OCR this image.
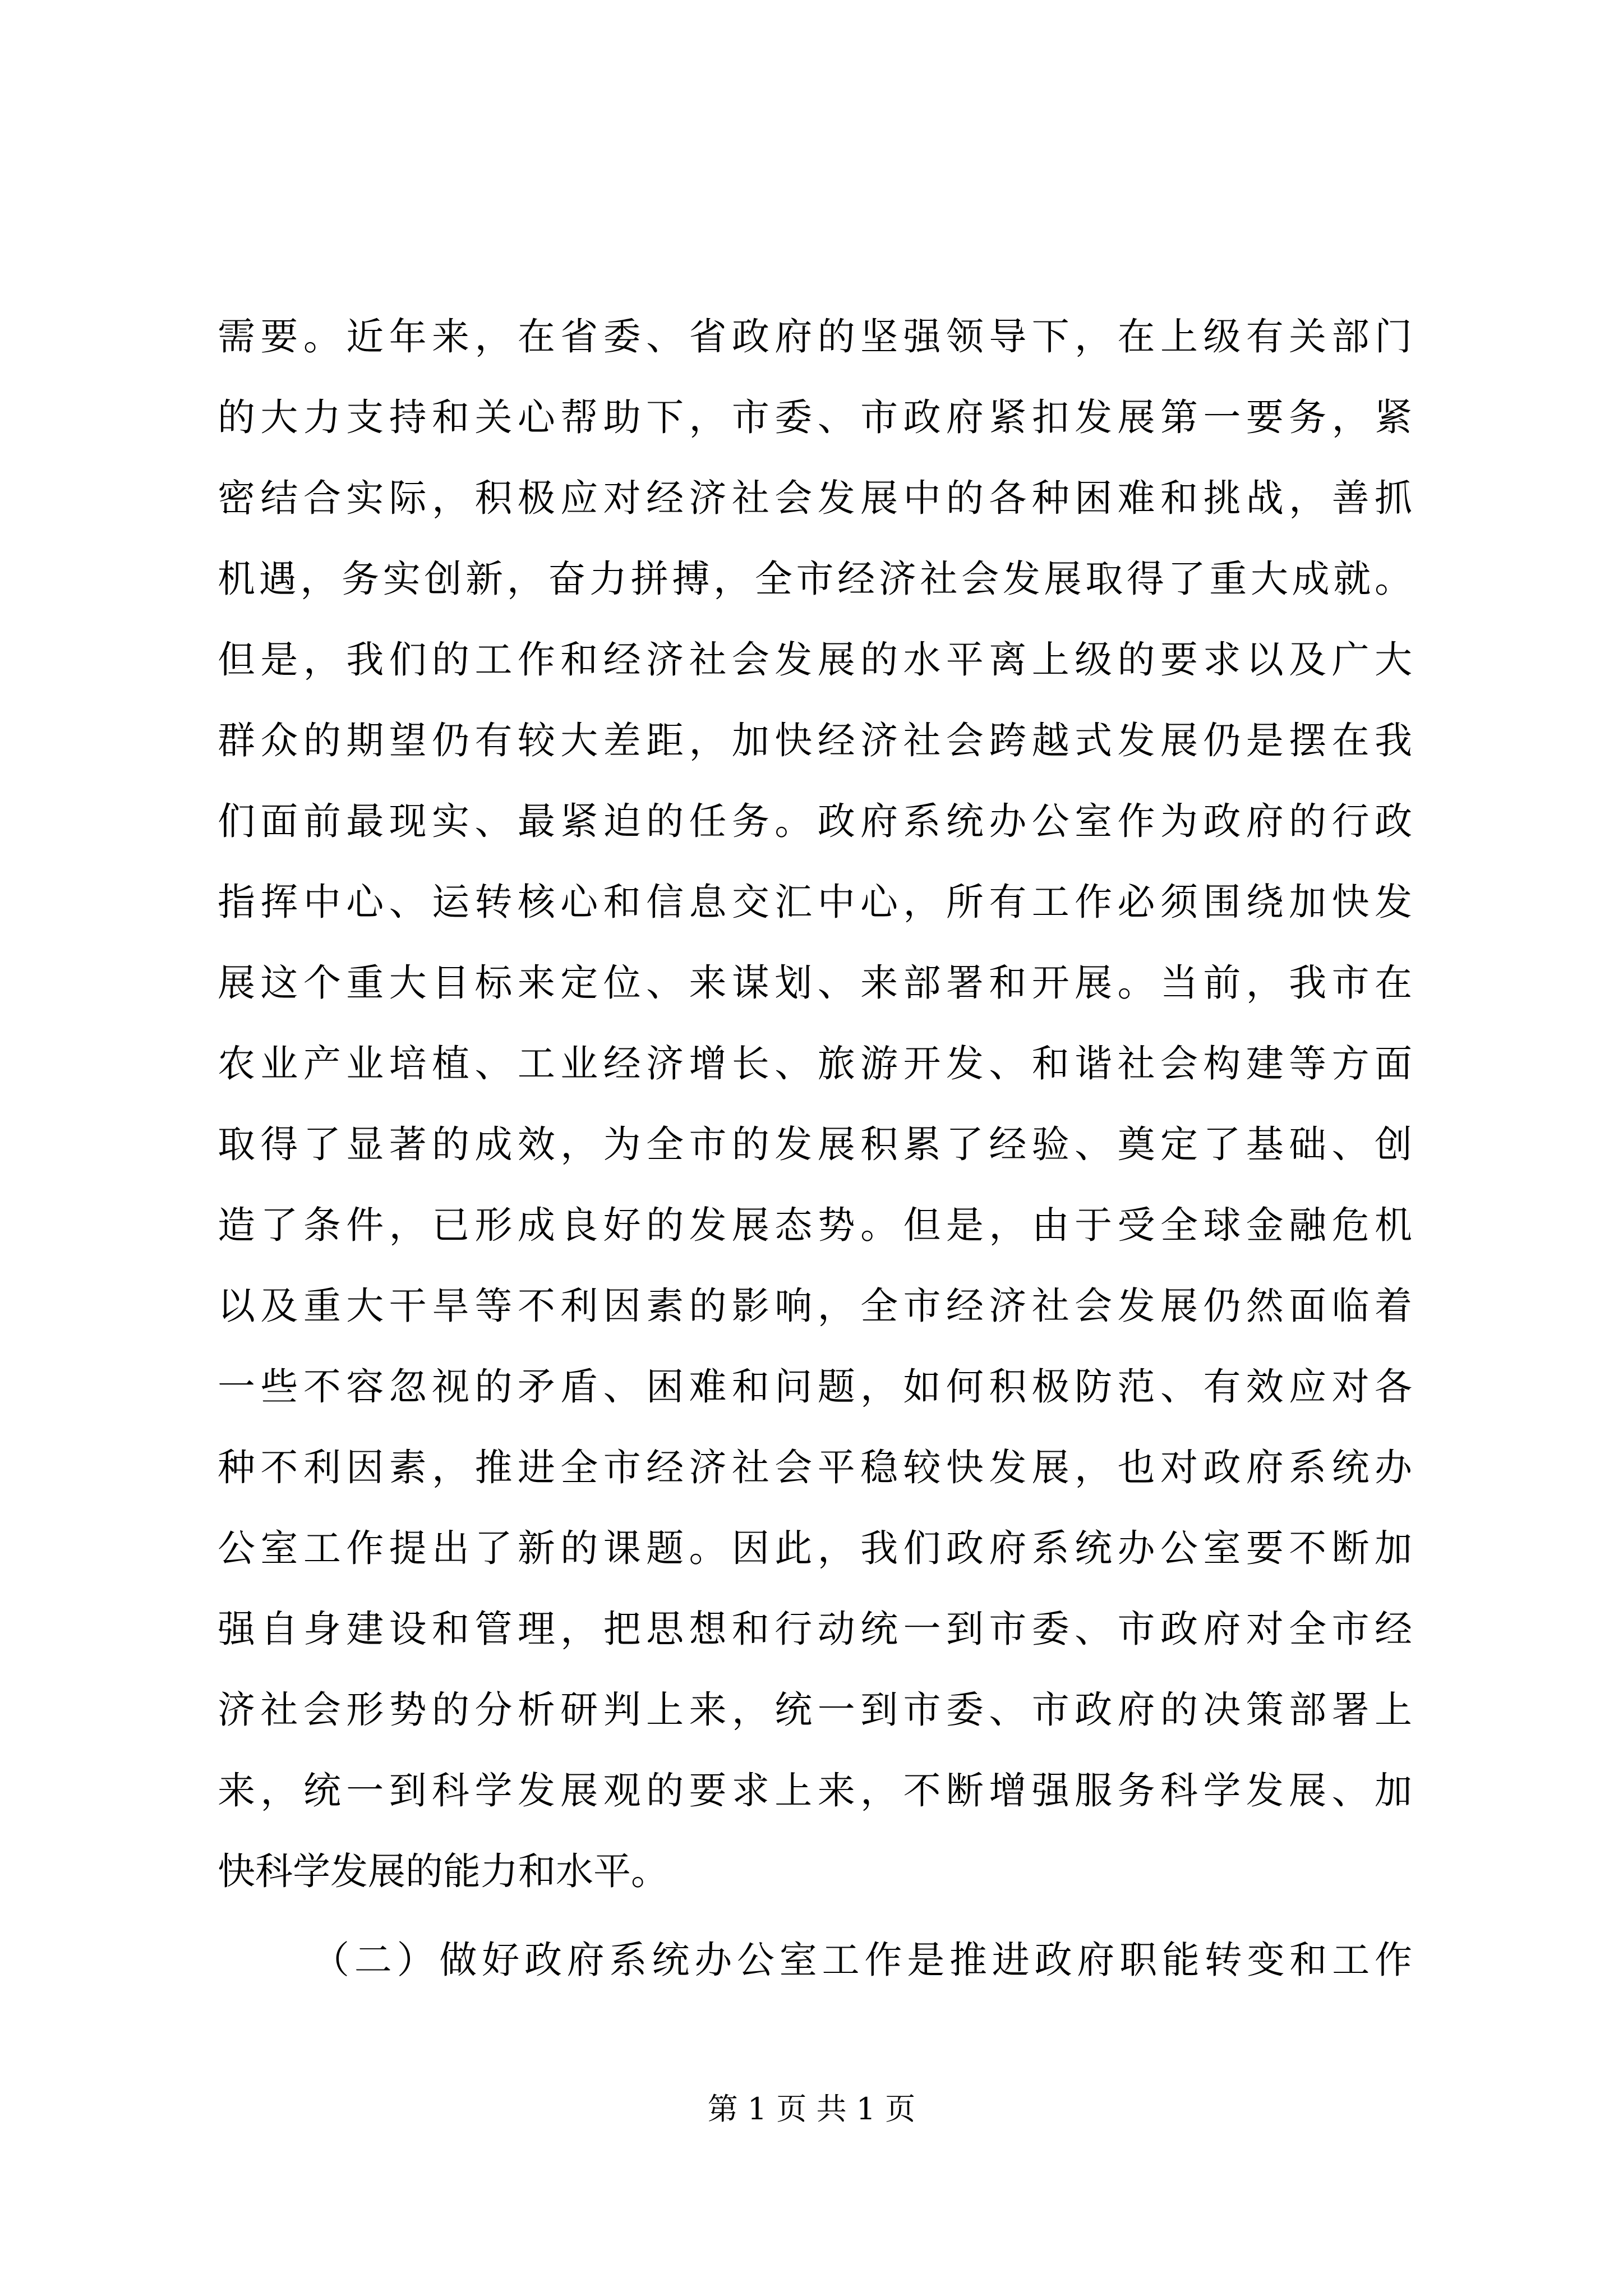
需要。近年来，在省委、省政府的坚强领导下，在上级有关部门
的大力支持和关心帮助下，市委、市政府紧扣发展第一要务，紧
密结合实际，积极应对经济社会发展中的各种困难和挑战，善抓
机遇，务实创新，奋力拼搏，全市经济社会发展取得了重大成就。
但是，我们的工作和经济社会发展的水平离上级的要求以及广大
群众的期望仍有较大差距，加快经济社会跨越式发展仍是摆在我
们面前最现实、最紧迫的任务。政府系统办公室作为政府的行政
指挥中心、运转核心和信息交汇中心，所有工作必须围绕加快发
展这个重大目标来定位、来谋划、来部署和开展。当前，我市在
农业产业培植、工业经济增长、旅游开发、和谐社会构建等方面
取得了显著的成效，为全市的发展积累了经验、奠定了基础、创
造了条件，已形成良好的发展态势。但是，由于受全球金融危机
以及重大干旱等不利因素的影响，全市经济社会发展仍然面临着
一些不容忽视的矛盾、困难和问题，如何积极防范、有效应对各
种不利因素，推进全市经济社会平稳较快发展，也对政府系统办
公室工作提出了新的课题。因此，我们政府系统办公室要不断加
强自身建设和管理，把思想和行动统一到市委、市政府对全市经
济社会形势的分析研判上来，统一到市委、市政府的决策部署上
来，统一到科学发展观的要求上来，不断增强服务科学发展、加
快科学发展的能力和水平。
（二）做好政府系统办公室工作是推进政府职能转变和工作
第 1 页 共 1 页
